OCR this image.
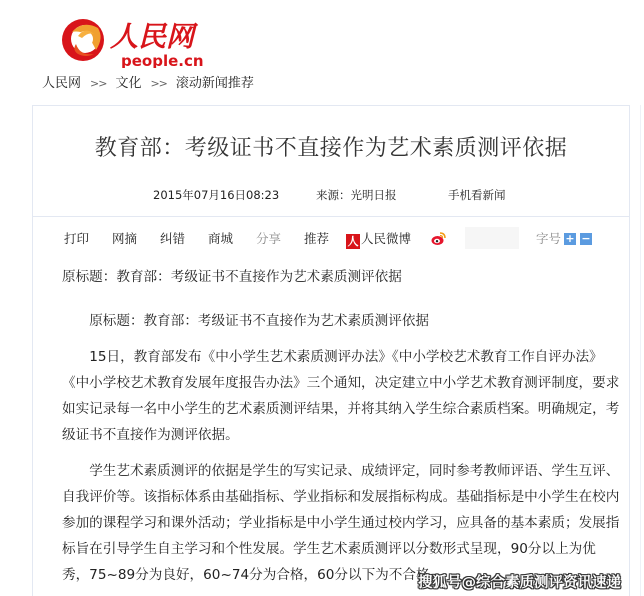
人民网
people.cn
人民网 >> 文化 >> 滚动新闻推荐
教育部：考级证书不直接作为艺术素质测评依据
2015年07月16日08:23	来源：光明日报	手机看新闻
打印 网摘 纠错 商城 分享 推荐 人 人民微博	字号 + −

原标题：教育部：考级证书不直接作为艺术素质测评依据

原标题：教育部：考级证书不直接作为艺术素质测评依据

15日，教育部发布《中小学生艺术素质测评办法》《中小学校艺术教育工作自评办法》《中小学校艺术教育发展年度报告办法》三个通知，决定建立中小学艺术教育测评制度，要求如实记录每一名中小学生的艺术素质测评结果，并将其纳入学生综合素质档案。明确规定，考级证书不直接作为测评依据。

学生艺术素质测评的依据是学生的写实记录、成绩评定，同时参考教师评语、学生互评、自我评价等。该指标体系由基础指标、学业指标和发展指标构成。基础指标是中小学生在校内参加的课程学习和课外活动；学业指标是中小学生通过校内学习，应具备的基本素质；发展指标旨在引导学生自主学习和个性发展。学生艺术素质测评以分数形式呈现，90分以上为优秀，75~89分为良好，60~74分为合格，60分以下为不合格。

搜狐号@综合素质测评资讯速递
